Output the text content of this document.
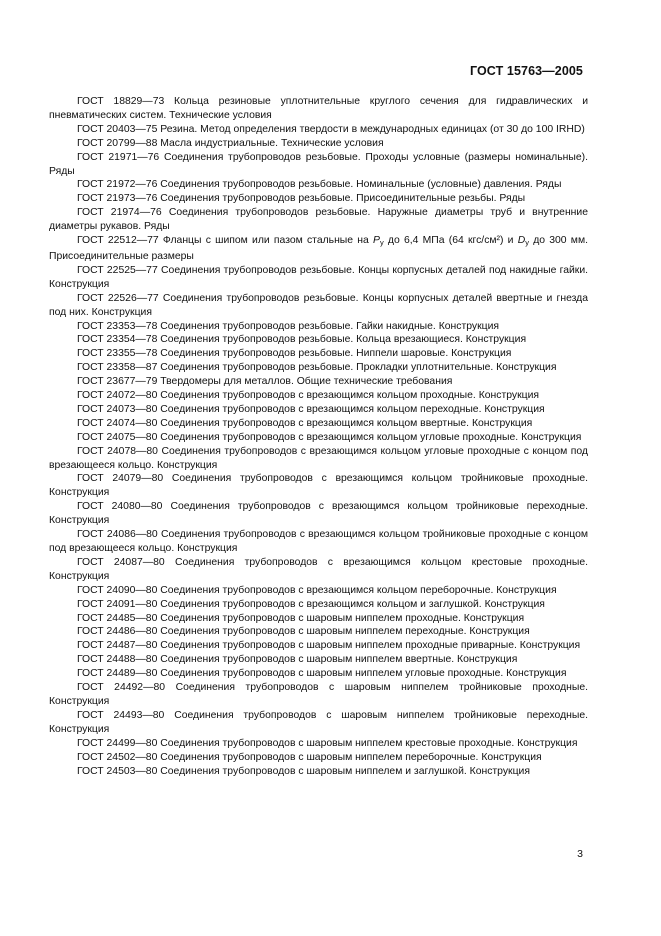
ГОСТ 15763—2005

ГОСТ 18829—73 Кольца резиновые уплотнительные круглого сечения для гидравлических и пневматических систем. Технические условия

ГОСТ 20403—75 Резина. Метод определения твердости в международных единицах (от 30 до 100 IRHD)

ГОСТ 20799—88 Масла индустриальные. Технические условия

ГОСТ 21971—76 Соединения трубопроводов резьбовые. Проходы условные (размеры номинальные). Ряды

ГОСТ 21972—76 Соединения трубопроводов резьбовые. Номинальные (условные) давления. Ряды

ГОСТ 21973—76 Соединения трубопроводов резьбовые. Присоединительные резьбы. Ряды

ГОСТ 21974—76 Соединения трубопроводов резьбовые. Наружные диаметры труб и внутренние диаметры рукавов. Ряды

ГОСТ 22512—77 Фланцы с шипом или пазом стальные на $P_y$ до 6,4 МПа (64 кгс/см²) и $D_y$ до 300 мм. Присоединительные размеры

ГОСТ 22525—77 Соединения трубопроводов резьбовые. Концы корпусных деталей под накидные гайки. Конструкция

ГОСТ 22526—77 Соединения трубопроводов резьбовые. Концы корпусных деталей ввертные и гнезда под них. Конструкция

ГОСТ 23353—78 Соединения трубопроводов резьбовые. Гайки накидные. Конструкция

ГОСТ 23354—78 Соединения трубопроводов резьбовые. Кольца врезающиеся. Конструкция

ГОСТ 23355—78 Соединения трубопроводов резьбовые. Ниппели шаровые. Конструкция

ГОСТ 23358—87 Соединения трубопроводов резьбовые. Прокладки уплотнительные. Конструкция

ГОСТ 23677—79 Твердомеры для металлов. Общие технические требования

ГОСТ 24072—80 Соединения трубопроводов с врезающимся кольцом проходные. Конструкция

ГОСТ 24073—80 Соединения трубопроводов с врезающимся кольцом переходные. Конструкция

ГОСТ 24074—80 Соединения трубопроводов с врезающимся кольцом ввертные. Конструкция

ГОСТ 24075—80 Соединения трубопроводов с врезающимся кольцом угловые проходные. Конструкция

ГОСТ 24078—80 Соединения трубопроводов с врезающимся кольцом угловые проходные с концом под врезающееся кольцо. Конструкция

ГОСТ 24079—80 Соединения трубопроводов с врезающимся кольцом тройниковые проходные. Конструкция

ГОСТ 24080—80 Соединения трубопроводов с врезающимся кольцом тройниковые переходные. Конструкция

ГОСТ 24086—80 Соединения трубопроводов с врезающимся кольцом тройниковые проходные с концом под врезающееся кольцо. Конструкция

ГОСТ 24087—80 Соединения трубопроводов с врезающимся кольцом крестовые проходные. Конструкция

ГОСТ 24090—80 Соединения трубопроводов с врезающимся кольцом переборочные. Конструкция

ГОСТ 24091—80 Соединения трубопроводов с врезающимся кольцом и заглушкой. Конструкция

ГОСТ 24485—80 Соединения трубопроводов с шаровым ниппелем проходные. Конструкция

ГОСТ 24486—80 Соединения трубопроводов с шаровым ниппелем переходные. Конструкция

ГОСТ 24487—80 Соединения трубопроводов с шаровым ниппелем проходные приварные. Конструкция

ГОСТ 24488—80 Соединения трубопроводов с шаровым ниппелем ввертные. Конструкция

ГОСТ 24489—80 Соединения трубопроводов с шаровым ниппелем угловые проходные. Конструкция

ГОСТ 24492—80 Соединения трубопроводов с шаровым ниппелем тройниковые проходные. Конструкция

ГОСТ 24493—80 Соединения трубопроводов с шаровым ниппелем тройниковые переходные. Конструкция

ГОСТ 24499—80 Соединения трубопроводов с шаровым ниппелем крестовые проходные. Конструкция

ГОСТ 24502—80 Соединения трубопроводов с шаровым ниппелем переборочные. Конструкция

ГОСТ 24503—80 Соединения трубопроводов с шаровым ниппелем и заглушкой. Конструкция

3
